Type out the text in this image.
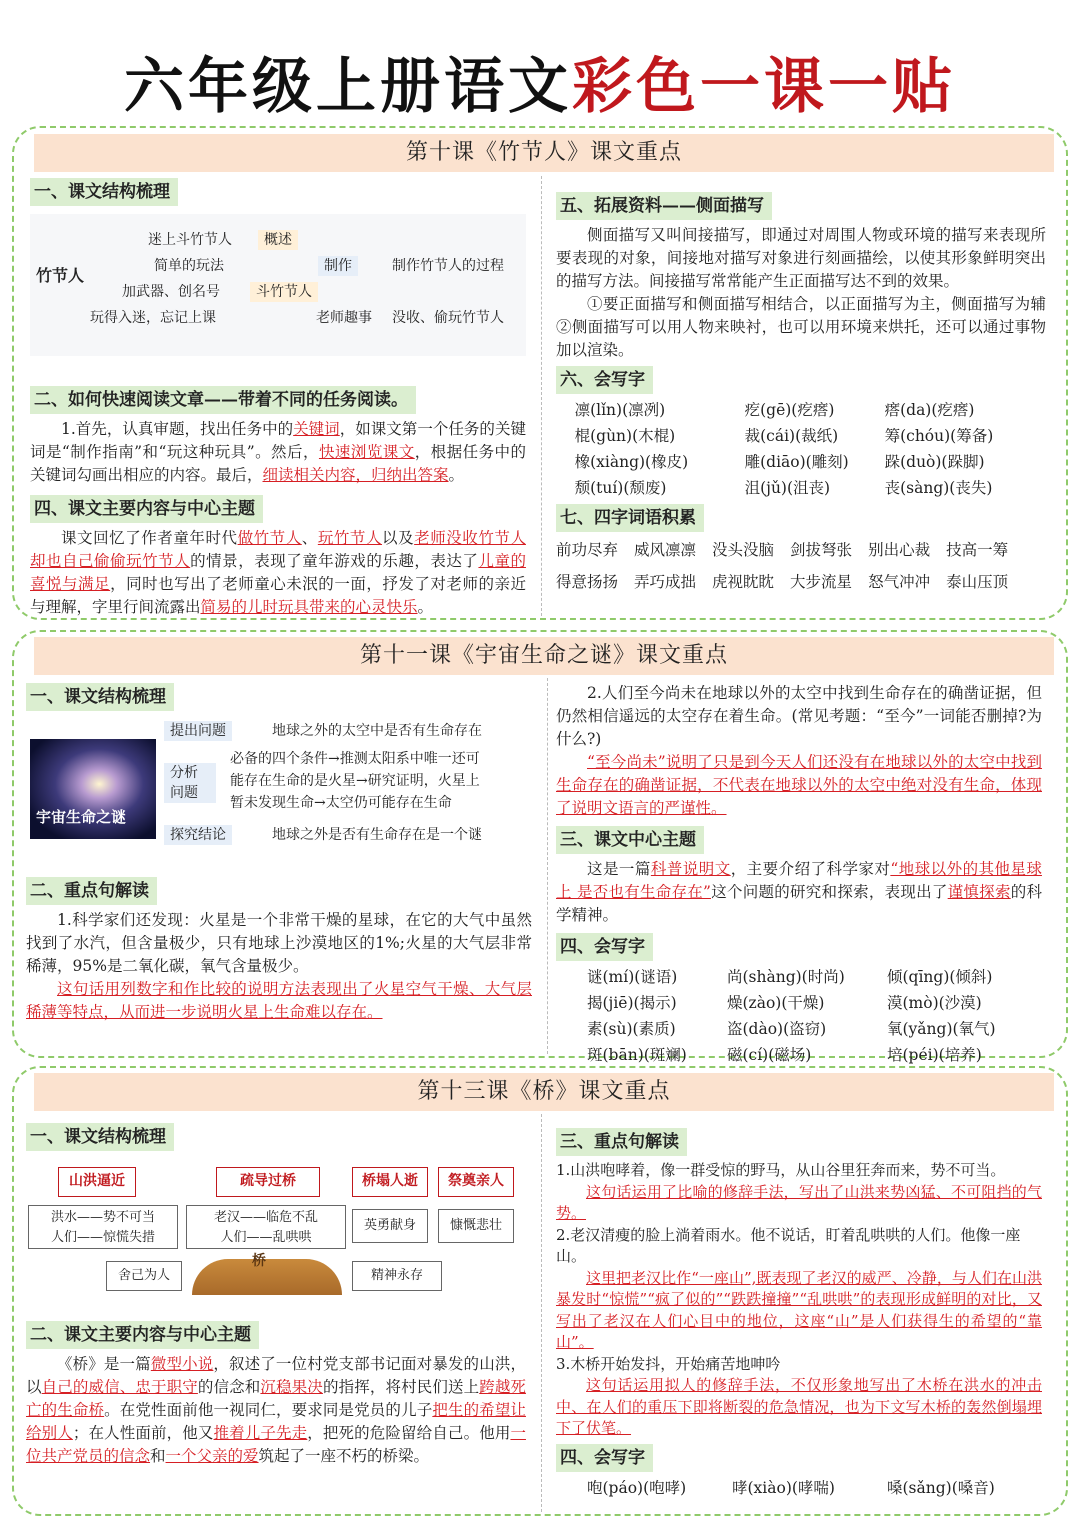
六年级上册语文彩色一课一贴
第十课《竹节人》课文重点
一、课文结构梳理
竹节人
迷上斗竹节人	概述
简单的玩法
加武器、创名号	斗竹节人
玩得入迷，忘记上课
制作	制作竹节人的过程
老师趣事 没收、偷玩竹节人
二、如何快速阅读文章——带着不同的任务阅读。

1.首先，认真审题，找出任务中的关键词，如课文第一个任务的关键词是“制作指南”和“玩这种玩具”。然后，快速浏览课文，根据任务中的关键词勾画出相应的内容。最后，细读相关内容，归纳出答案。

四、课文主要内容与中心主题

课文回忆了作者童年时代做竹节人、玩竹节人以及老师没收竹节人却也自己偷偷玩竹节人的情景，表现了童年游戏的乐趣，表达了儿童的喜悦与满足，同时也写出了老师童心未泯的一面，抒发了对老师的亲近与理解，字里行间流露出简易的儿时玩具带来的心灵快乐。

五、拓展资料——侧面描写

侧面描写又叫间接描写，即通过对周围人物或环境的描写来表现所要表现的对象，间接地对描写对象进行刻画描绘，以使其形象鲜明突出的描写方法。间接描写常常能产生正面描写达不到的效果。

①要正面描写和侧面描写相结合，以正面描写为主，侧面描写为辅②侧面描写可以用人物来映衬，也可以用环境来烘托，还可以通过事物加以渲染。

六、会写字
凛(lǐn)(凛冽)	疙(gē)(疙瘩)	瘩(da)(疙瘩)
棍(gùn)(木棍)	裁(cái)(裁纸)	筹(chóu)(筹备)
橡(xiàng)(橡皮)	雕(diāo)(雕刻)	跺(duò)(跺脚)
颓(tuí)(颓废)	沮(jǔ)(沮丧)	丧(sàng)(丧失)
七、四字词语积累
前功尽弃 威风凛凛 没头没脑 剑拔弩张 别出心裁 技高一筹
得意扬扬 弄巧成拙 虎视眈眈 大步流星 怒气冲冲 泰山压顶
第十一课《宇宙生命之谜》课文重点
一、课文结构梳理
宇宙生命之谜
提出问题	地球之外的太空中是否有生命存在
分析问题
必备的四个条件→推测太阳系中唯一还可
能存在生命的是火星→研究证明，火星上
暂未发现生命→太空仍可能存在生命
探究结论	地球之外是否有生命存在是一个谜
二、重点句解读

1.科学家们还发现：火星是一个非常干燥的星球，在它的大气中虽然找到了水汽，但含量极少，只有地球上沙漠地区的1%;火星的大气层非常稀薄，95%是二氧化碳，氧气含量极少。

这句话用列数字和作比较的说明方法表现出了火星空气干燥、大气层稀薄等特点，从而进一步说明火星上生命难以存在。

2.人们至今尚未在地球以外的太空中找到生命存在的确凿证据，但仍然相信遥远的太空存在着生命。(常见考题：“至今”一词能否删掉?为什么?)

“至今尚未”说明了只是到今天人们还没有在地球以外的太空中找到生命存在的确凿证据，不代表在地球以外的太空中绝对没有生命，体现了说明文语言的严谨性。

三、课文中心主题

这是一篇科普说明文，主要介绍了科学家对“地球以外的其他星球上 是否也有生命存在”这个问题的研究和探索，表现出了谨慎探索的科学精神。

四、会写字
谜(mí)(谜语)	尚(shàng)(时尚)	倾(qīng)(倾斜)
揭(jiē)(揭示)	燥(zào)(干燥)	漠(mò)(沙漠)
素(sù)(素质)	盗(dào)(盗窃)	氧(yǎng)(氧气)
斑(bān)(斑斓)	磁(cí)(磁场)	培(péi)(培养)
第十三课《桥》课文重点
一、课文结构梳理
山洪逼近	疏导过桥	桥塌人逝	祭奠亲人
洪水——势不可当
人们——惊慌失措
老汉——临危不乱
人们——乱哄哄
英勇献身	慷慨悲壮
舍己为人
桥
精神永存
二、课文主要内容与中心主题

《桥》是一篇微型小说，叙述了一位村党支部书记面对暴发的山洪，以自己的威信、忠于职守的信念和沉稳果决的指挥，将村民们送上跨越死亡的生命桥。在党性面前他一视同仁，要求同是党员的儿子把生的希望让给别人；在人性面前，他又推着儿子先走，把死的危险留给自己。他用一位共产党员的信念和一个父亲的爱筑起了一座不朽的桥梁。

三、重点句解读
1.山洪咆哮着，像一群受惊的野马，从山谷里狂奔而来，势不可当。

这句话运用了比喻的修辞手法，写出了山洪来势凶猛、不可阻挡的气势。

2.老汉清瘦的脸上淌着雨水。他不说话，盯着乱哄哄的人们。他像一座山。

这里把老汉比作“一座山”,既表现了老汉的威严、冷静，与人们在山洪暴发时“惊慌”“疯了似的”“跌跌撞撞”“乱哄哄”的表现形成鲜明的对比，又写出了老汉在人们心目中的地位，这座“山”是人们获得生的希望的“靠山”。

3.木桥开始发抖，开始痛苦地呻吟

这句话运用拟人的修辞手法，不仅形象地写出了木桥在洪水的冲击中、在人们的重压下即将断裂的危急情况，也为下文写木桥的轰然倒塌埋下了伏笔。

四、会写字
咆(páo)(咆哮)	哮(xiào)(哮喘)	嗓(sǎng)(嗓音)
